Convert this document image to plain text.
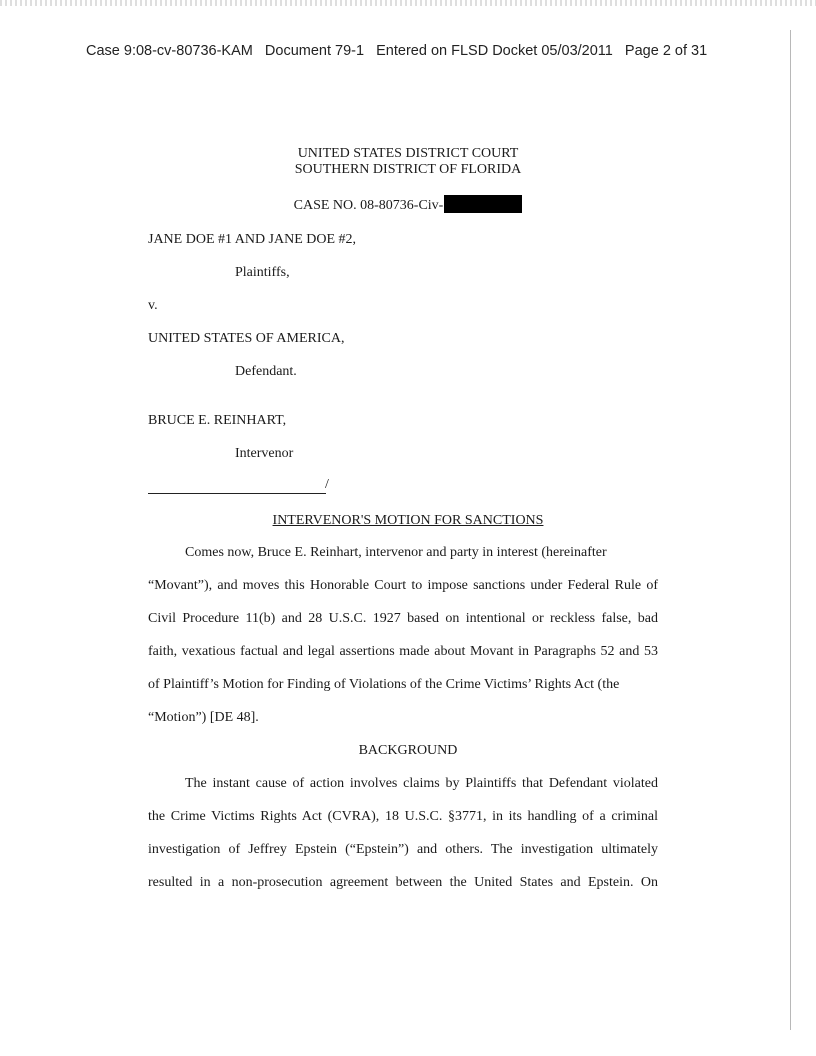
Case 9:08-cv-80736-KAM   Document 79-1   Entered on FLSD Docket 05/03/2011   Page 2 of 31
UNITED STATES DISTRICT COURT
SOUTHERN DISTRICT OF FLORIDA
CASE NO. 08-80736-Civ-
JANE DOE #1 AND JANE DOE #2,
Plaintiffs,
v.
UNITED STATES OF AMERICA,
Defendant.
BRUCE E. REINHART,
Intervenor
/
INTERVENOR'S MOTION FOR SANCTIONS
Comes now, Bruce E. Reinhart, intervenor and party in interest (hereinafter
“Movant”), and moves this Honorable Court to impose sanctions under Federal Rule of
Civil Procedure 11(b) and 28 U.S.C. 1927 based on intentional or reckless false, bad
faith, vexatious factual and legal assertions made about Movant in Paragraphs 52 and 53
of Plaintiff’s Motion for Finding of Violations of the Crime Victims’ Rights Act (the
“Motion”) [DE 48].
BACKGROUND
The instant cause of action involves claims by Plaintiffs that Defendant violated
the Crime Victims Rights Act (CVRA), 18 U.S.C. §3771, in its handling of a criminal
investigation of Jeffrey Epstein (“Epstein”) and others. The investigation ultimately
resulted in a non-prosecution agreement between the United States and Epstein. On
